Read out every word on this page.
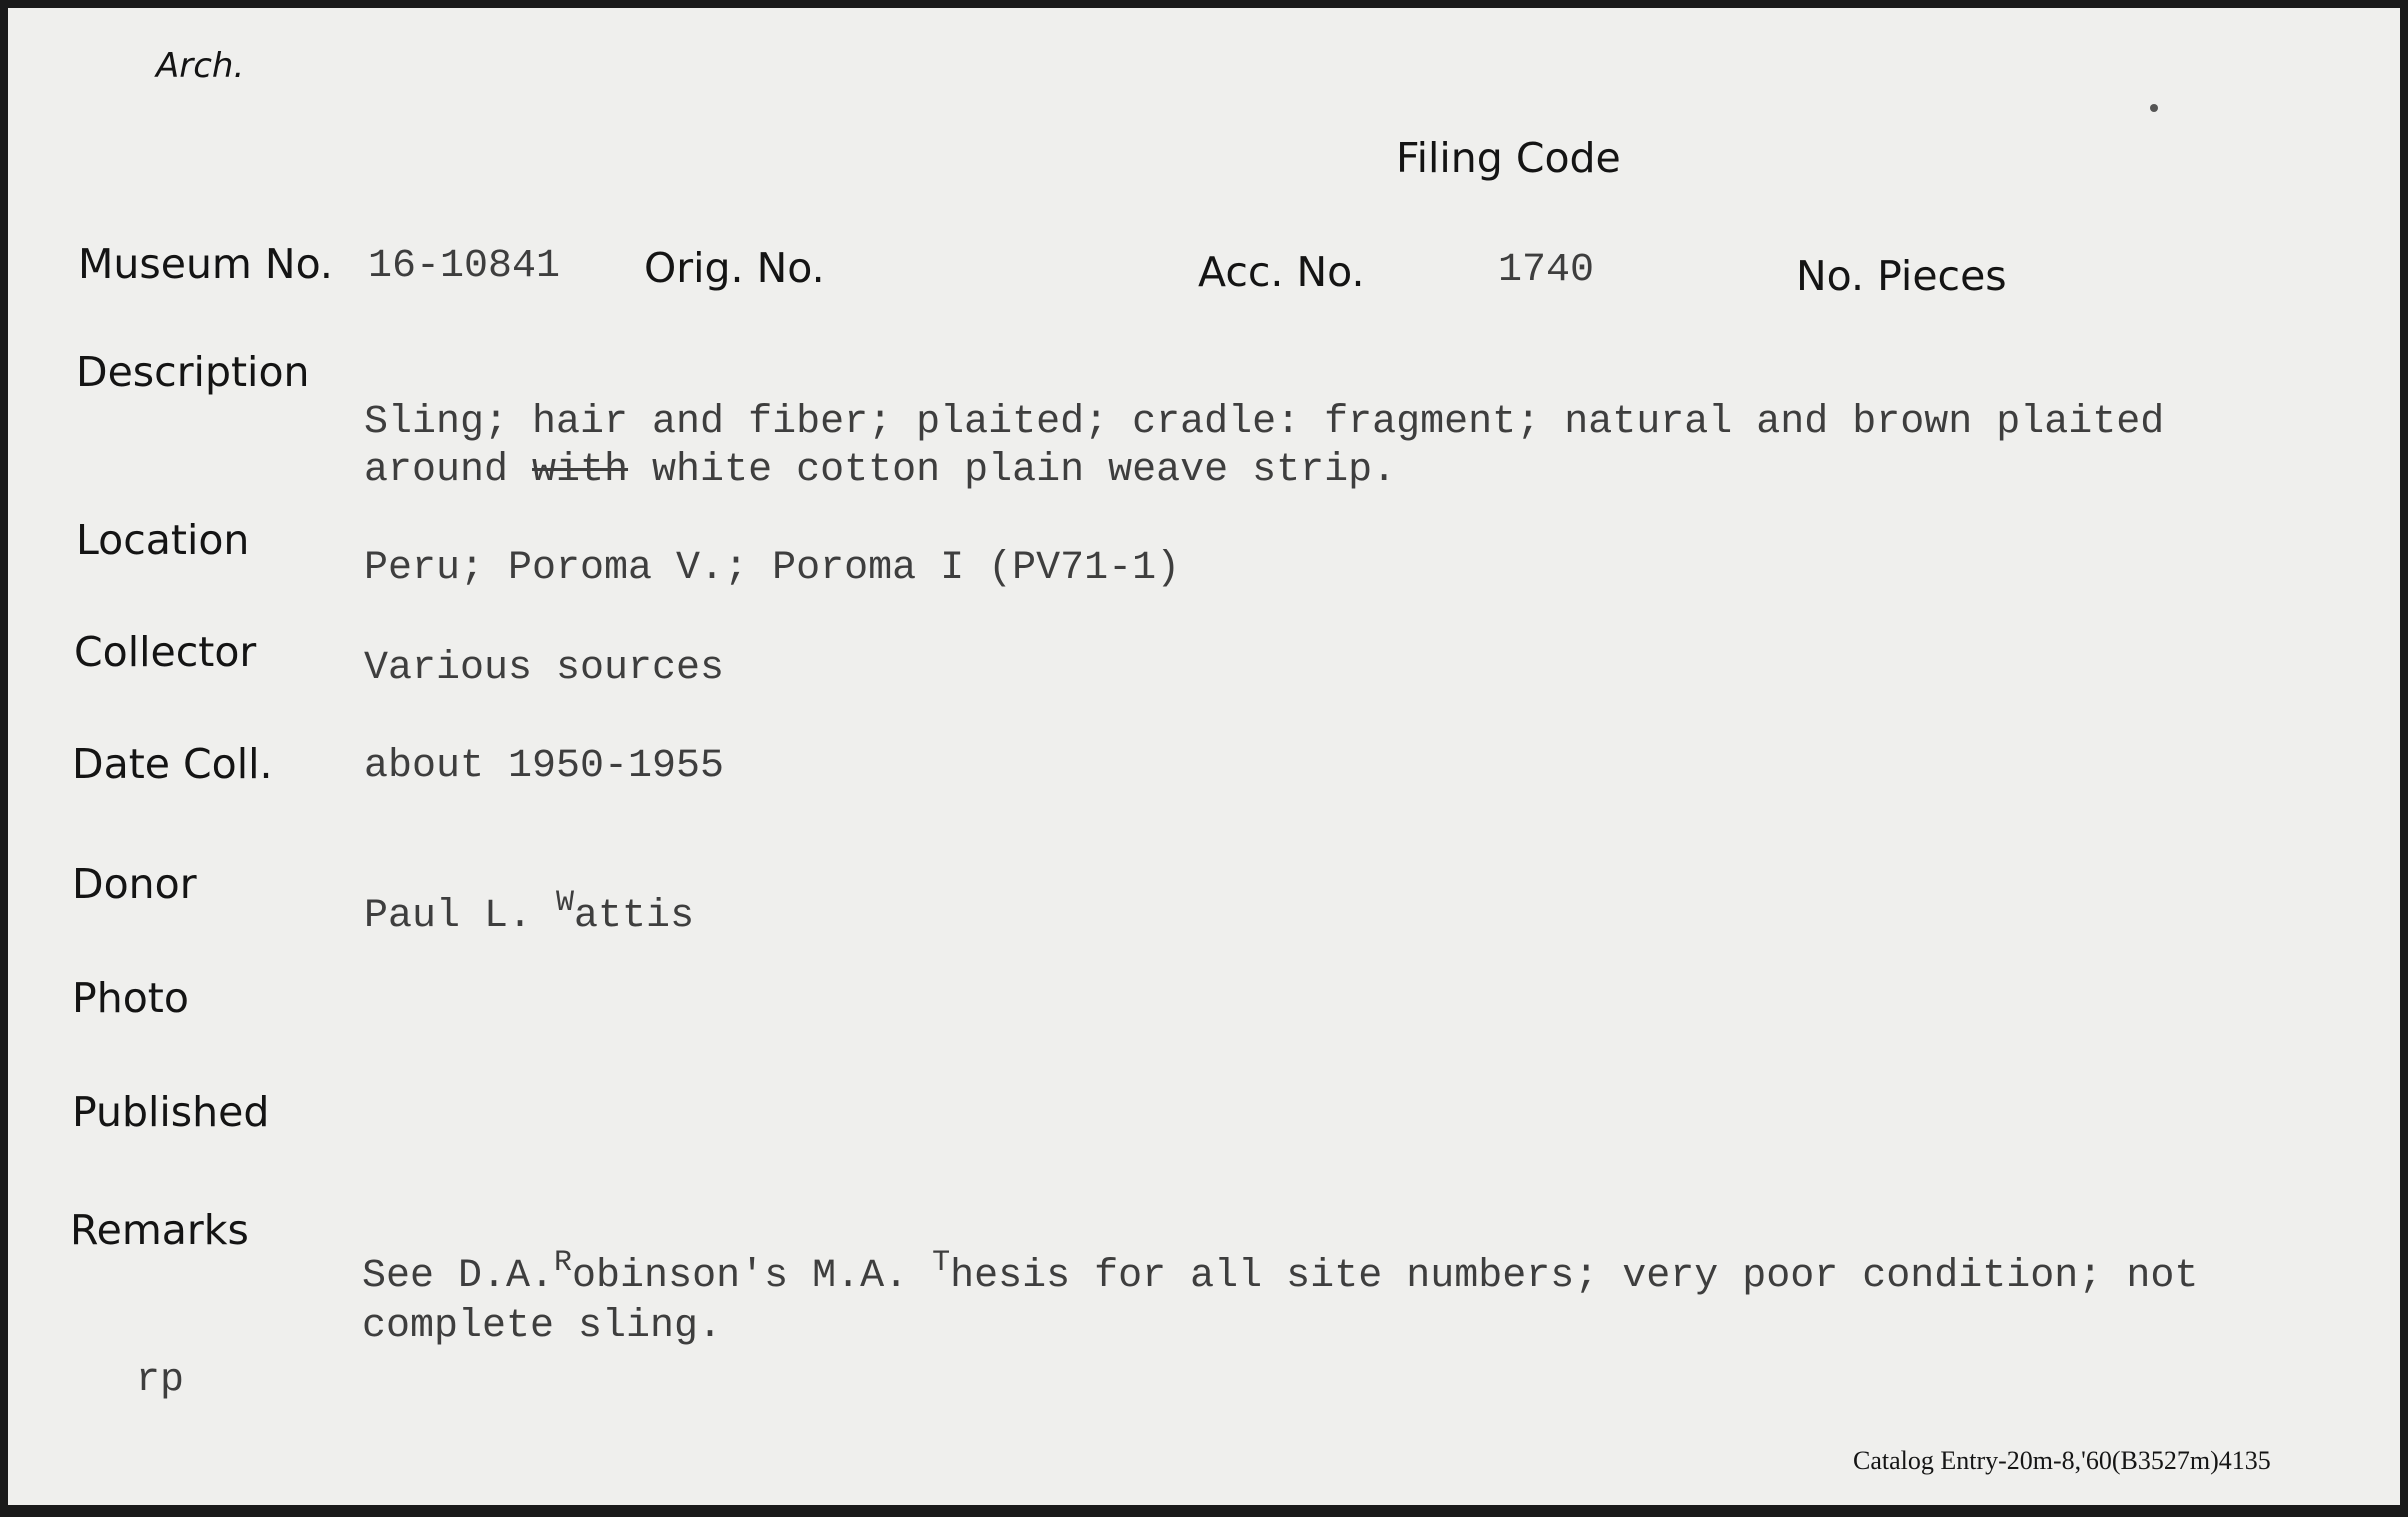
Arch.
Filing Code
Museum No. 16-10841 Orig. No.	Acc. No.	1740	No. Pieces
Description
Sling; hair and fiber; plaited; cradle: fragment; natural and brown plaited
around with white cotton plain weave strip.
Location
Peru; Poroma V.; Poroma I (PV71-1)
Collector	Various sources
Date Coll. about 1950-1955
Donor
Paul L. $^W$attis
Photo
Published
Remarks
See D.A.$^R$obinson's M.A. $^T$hesis for all site numbers; very poor condition; not
complete sling.
rp
Catalog Entry-20m-8,'60(B3527m)4135
